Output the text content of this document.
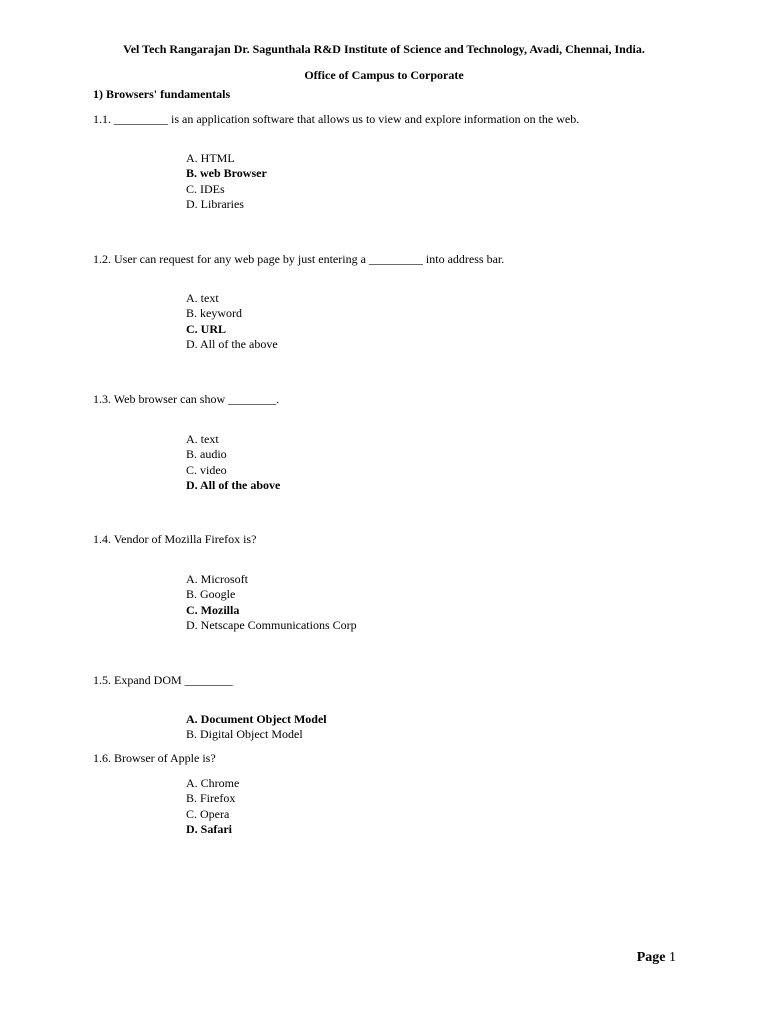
Vel Tech Rangarajan Dr. Sagunthala R&D Institute of Science and Technology, Avadi, Chennai, India.
Office of Campus to Corporate
1) Browsers' fundamentals
1.1. _________ is an application software that allows us to view and explore information on the web.
A. HTML
B. web Browser
C. IDEs
D. Libraries
1.2. User can request for any web page by just entering a _________ into address bar.
A. text
B. keyword
C. URL
D. All of the above
1.3. Web browser can show ________.
A. text
B. audio
C. video
D. All of the above
1.4. Vendor of Mozilla Firefox is?
A. Microsoft
B. Google
C. Mozilla
D. Netscape Communications Corp
1.5. Expand DOM ________
A. Document Object Model
B. Digital Object Model
1.6. Browser of Apple is?
A. Chrome
B. Firefox
C. Opera
D. Safari
Page 1
